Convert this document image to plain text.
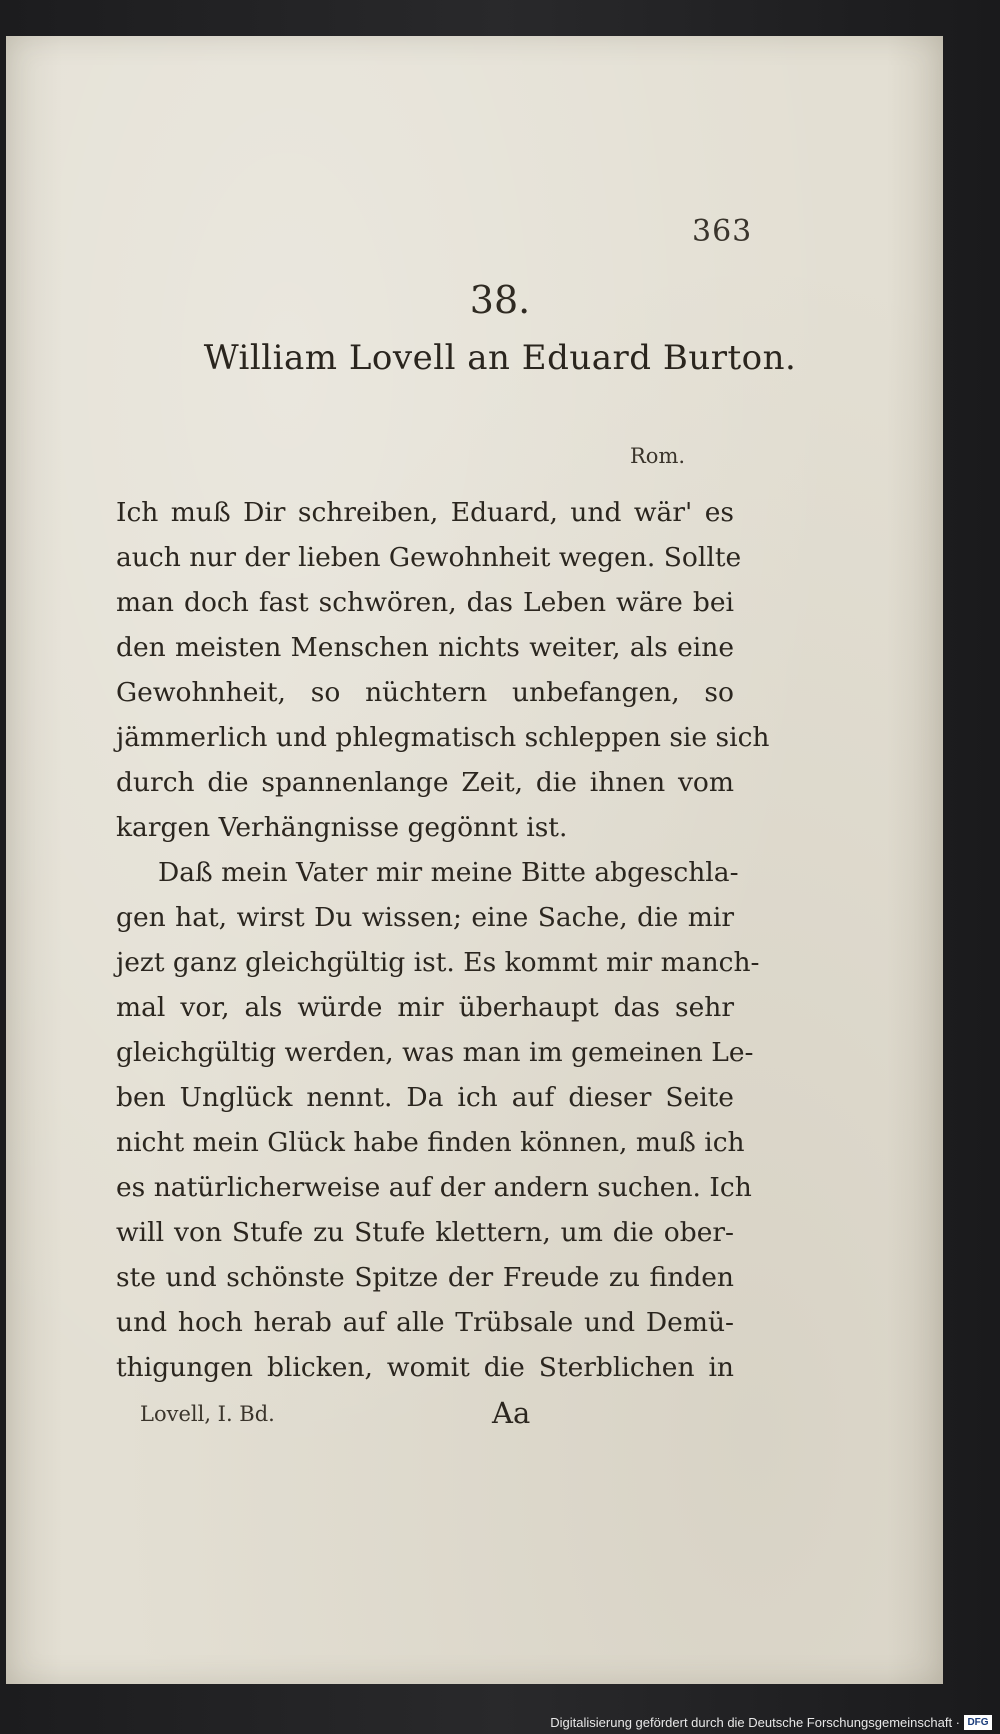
363
38.
William Lovell an Eduard Burton.
Rom.
Ich muß Dir schreiben, Eduard, und wär' es
auch nur der lieben Gewohnheit wegen. Sollte
man doch fast schwören, das Leben wäre bei
den meisten Menschen nichts weiter, als eine
Gewohnheit, so nüchtern unbefangen, so
jämmerlich und phlegmatisch schleppen sie sich
durch die spannenlange Zeit, die ihnen vom
kargen Verhängnisse gegönnt ist.
Daß mein Vater mir meine Bitte abgeschla-
gen hat, wirst Du wissen; eine Sache, die mir
jezt ganz gleichgültig ist. Es kommt mir manch-
mal vor, als würde mir überhaupt das sehr
gleichgültig werden, was man im gemeinen Le-
ben Unglück nennt. Da ich auf dieser Seite
nicht mein Glück habe finden können, muß ich
es natürlicherweise auf der andern suchen. Ich
will von Stufe zu Stufe klettern, um die ober-
ste und schönste Spitze der Freude zu finden
und hoch herab auf alle Trübsale und Demü-
thigungen blicken, womit die Sterblichen in
Lovell, I. Bd.	Aa
Digitalisierung gefördert durch die Deutsche Forschungsgemeinschaft · DFG
